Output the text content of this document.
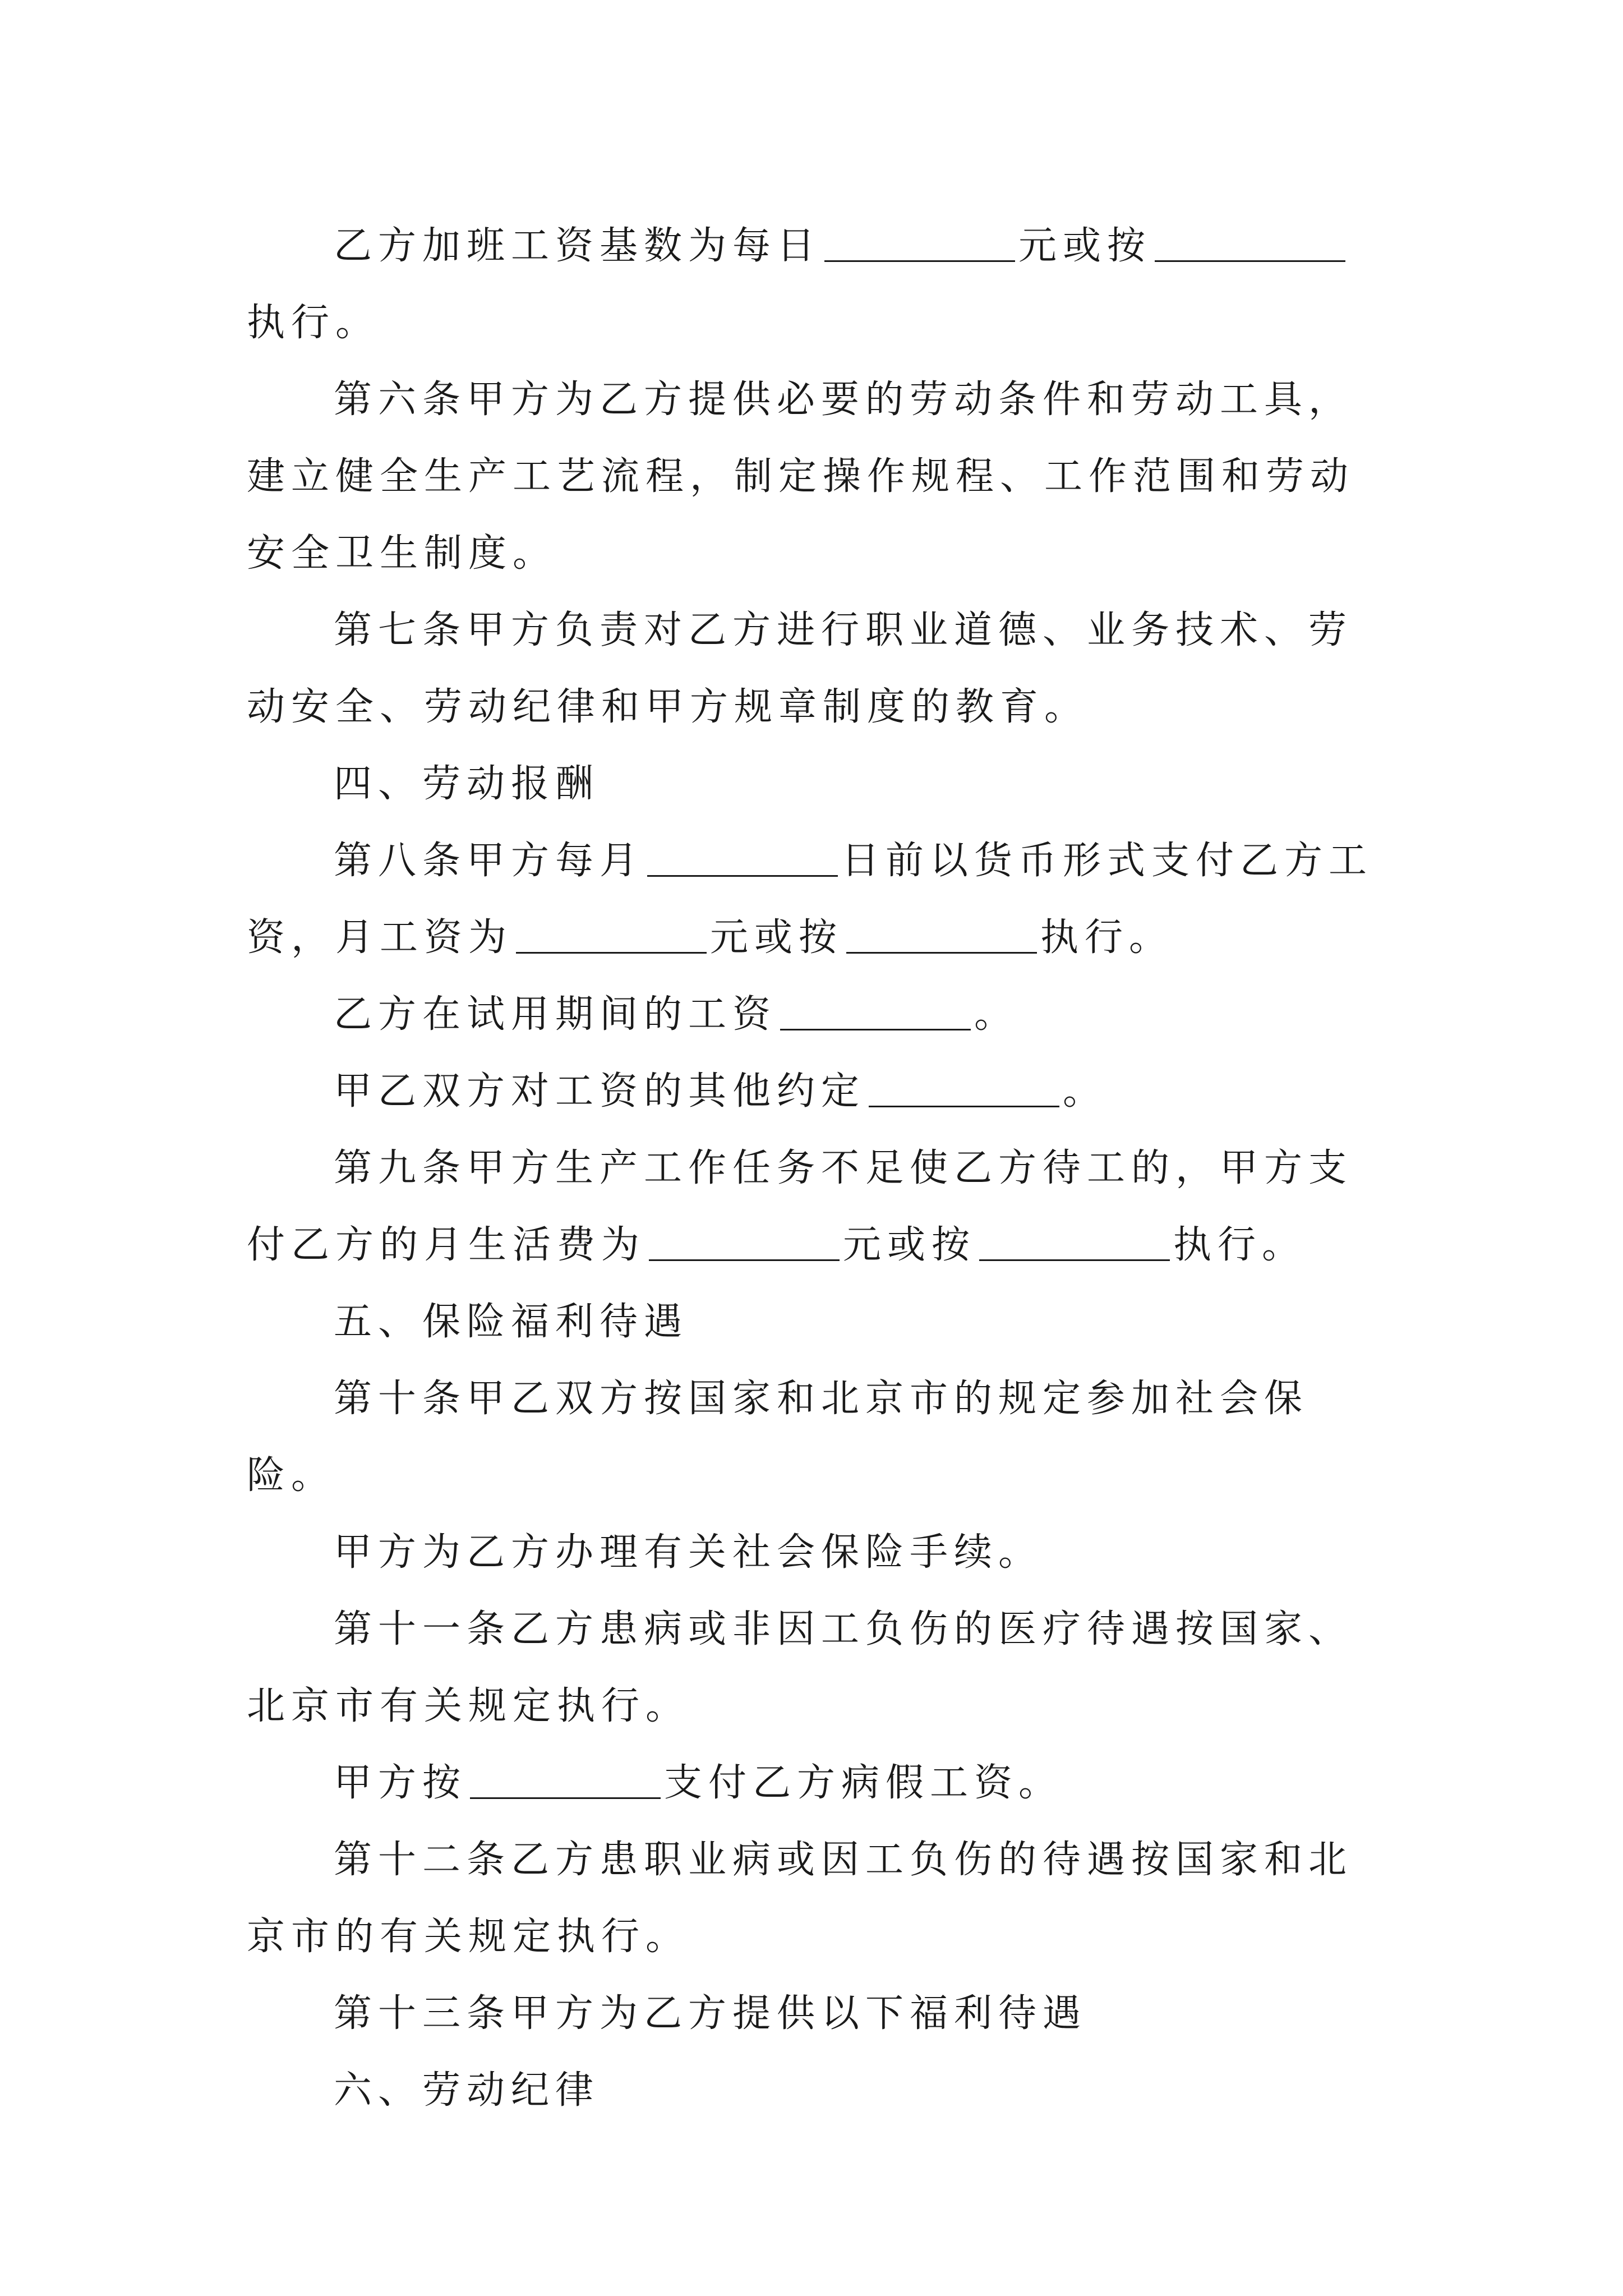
乙方加班工资基数为每日	元或按执行。

第六条甲方为乙方提供必要的劳动条件和劳动工具，建立健全生产工艺流程，制定操作规程、工作范围和劳动安全卫生制度。

第七条甲方负责对乙方进行职业道德、业务技术、劳动安全、劳动纪律和甲方规章制度的教育。

四、劳动报酬

第八条甲方每月	日前以货币形式支付乙方工资，月工资为	元或按	执行。

乙方在试用期间的工资	。

甲乙双方对工资的其他约定	。

第九条甲方生产工作任务不足使乙方待工的，甲方支付乙方的月生活费为	元或按	执行。

五、保险福利待遇

第十条甲乙双方按国家和北京市的规定参加社会保险。

甲方为乙方办理有关社会保险手续。

第十一条乙方患病或非因工负伤的医疗待遇按国家、北京市有关规定执行。

甲方按	支付乙方病假工资。

第十二条乙方患职业病或因工负伤的待遇按国家和北京市的有关规定执行。

第十三条甲方为乙方提供以下福利待遇

六、劳动纪律
